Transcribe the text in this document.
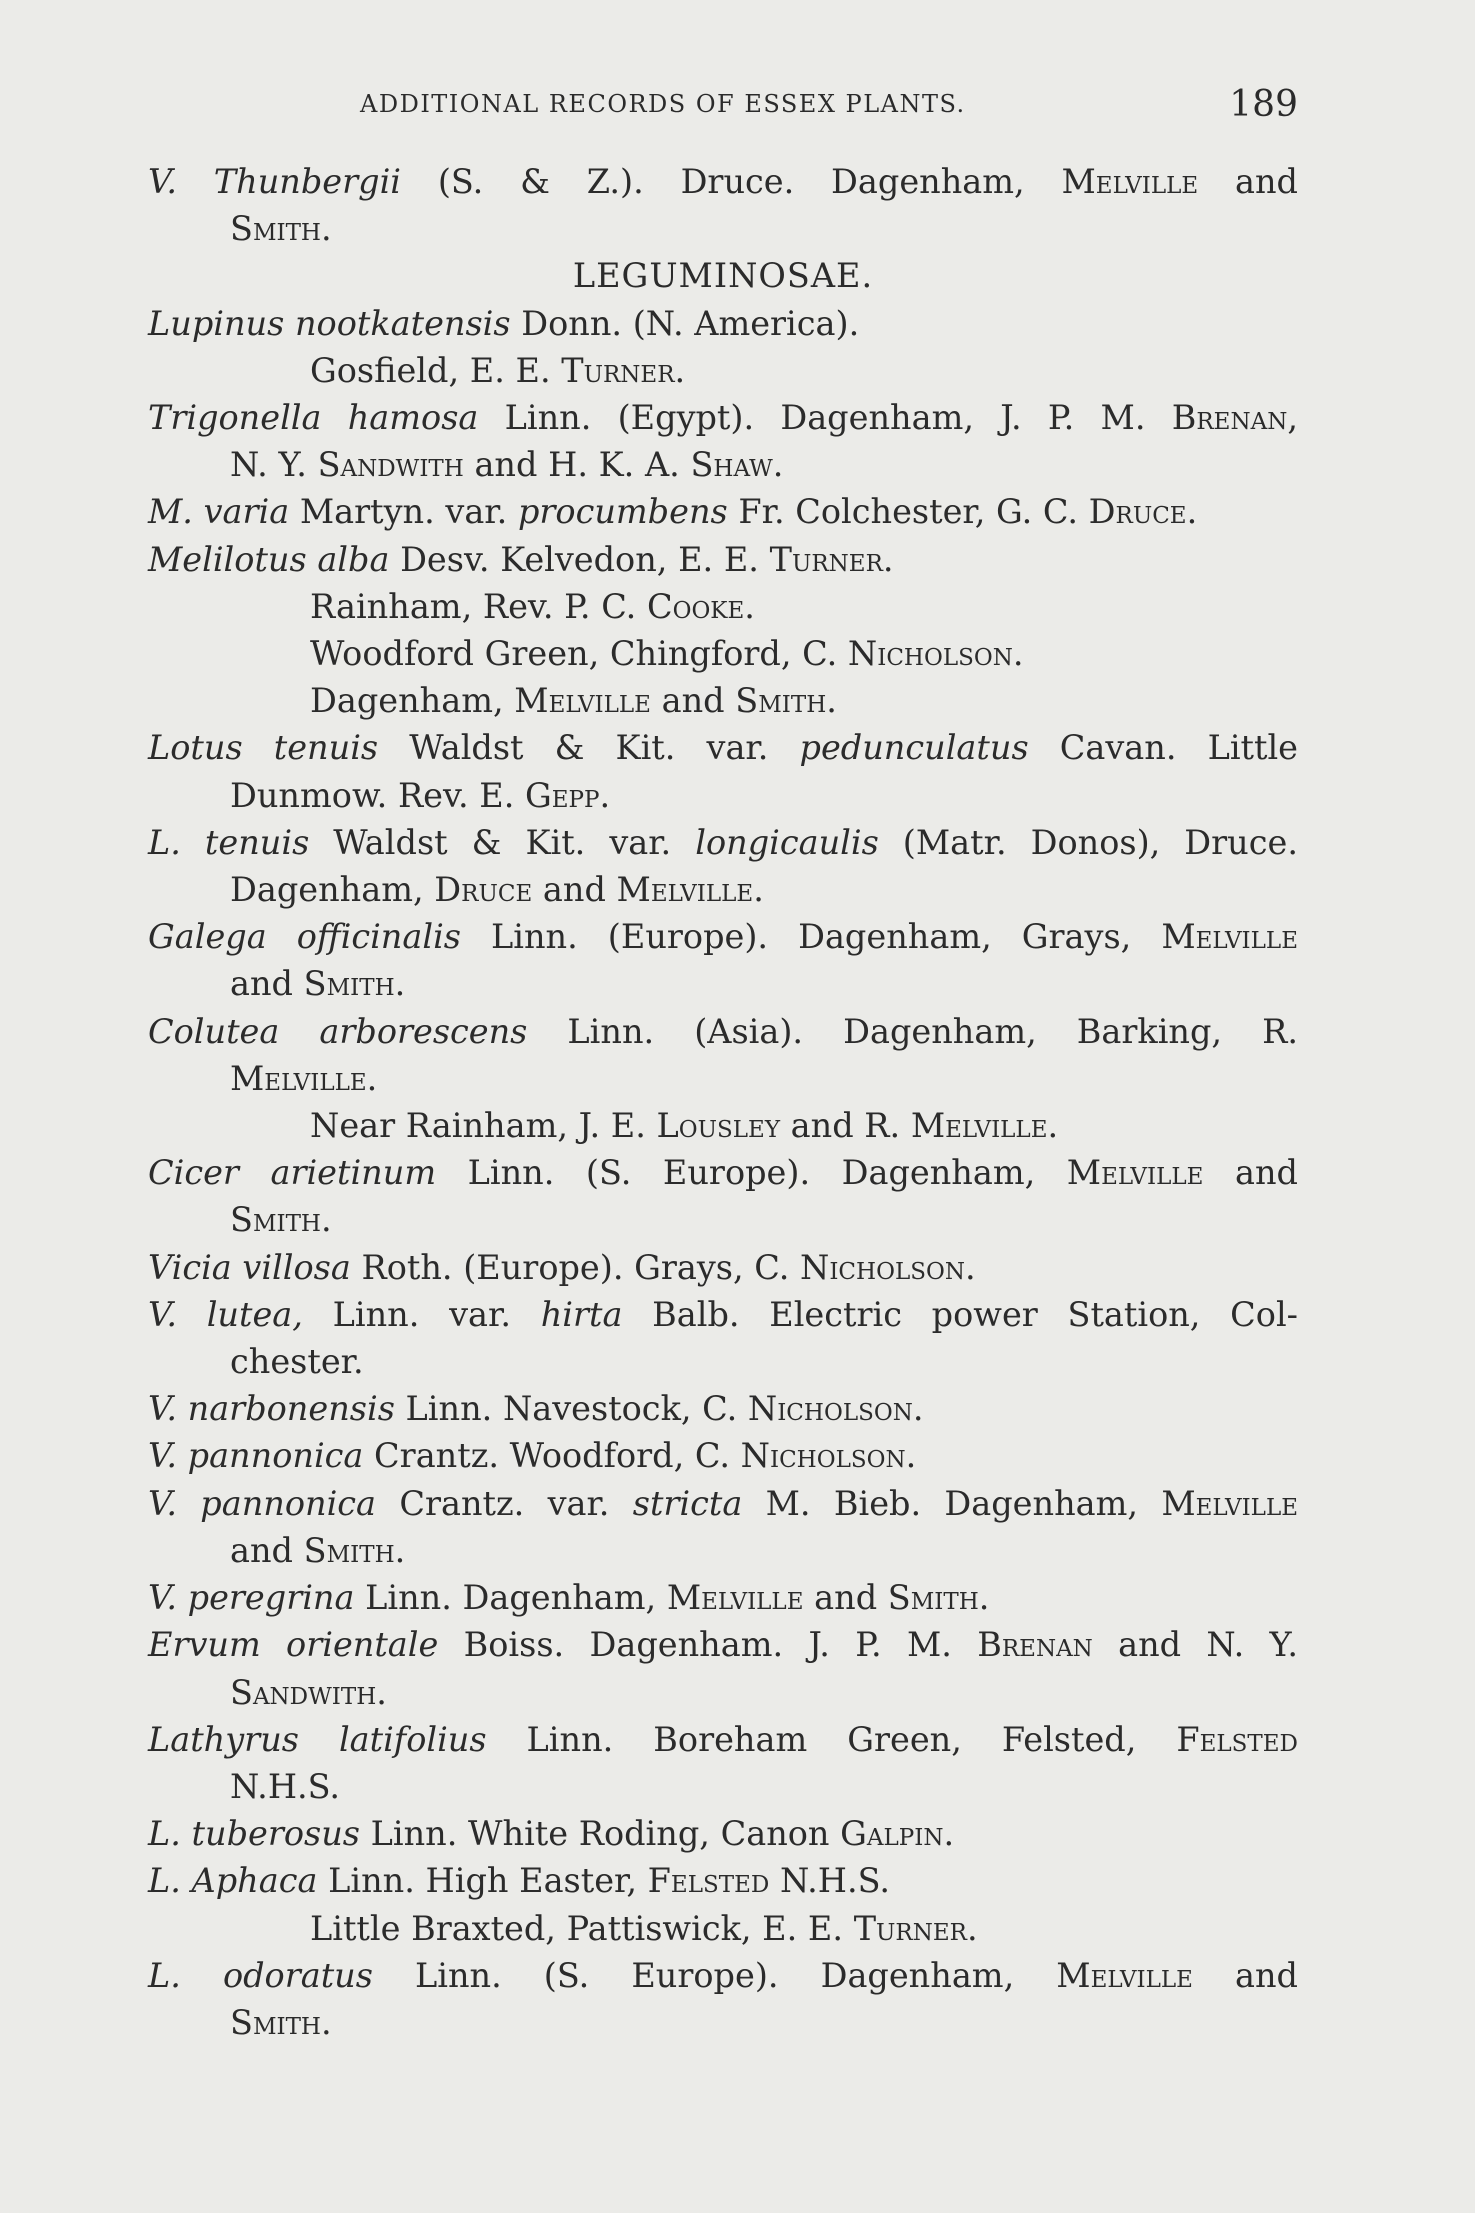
ADDITIONAL RECORDS OF ESSEX PLANTS.	189
V. Thunbergii (S. & Z.). Druce. Dagenham, Melville and
Smith.
LEGUMINOSAE.
Lupinus nootkatensis Donn. (N. America).
Gosfield, E. E. Turner.
Trigonella hamosa Linn. (Egypt). Dagenham, J. P. M. Brenan,
N. Y. Sandwith and H. K. A. Shaw.
M. varia Martyn. var. procumbens Fr. Colchester, G. C. Druce.
Melilotus alba Desv. Kelvedon, E. E. Turner.
Rainham, Rev. P. C. Cooke.
Woodford Green, Chingford, C. Nicholson.
Dagenham, Melville and Smith.
Lotus tenuis Waldst & Kit. var. pedunculatus Cavan. Little
Dunmow. Rev. E. Gepp.
L. tenuis Waldst & Kit. var. longicaulis (Matr. Donos), Druce.
Dagenham, Druce and Melville.
Galega officinalis Linn. (Europe). Dagenham, Grays, Melville
and Smith.
Colutea arborescens Linn. (Asia). Dagenham, Barking, R.
Melville.
Near Rainham, J. E. Lousley and R. Melville.
Cicer arietinum Linn. (S. Europe). Dagenham, Melville and
Smith.
Vicia villosa Roth. (Europe). Grays, C. Nicholson.
V. lutea, Linn. var. hirta Balb. Electric power Station, Col-
chester.
V. narbonensis Linn. Navestock, C. Nicholson.
V. pannonica Crantz. Woodford, C. Nicholson.
V. pannonica Crantz. var. stricta M. Bieb. Dagenham, Melville
and Smith.
V. peregrina Linn. Dagenham, Melville and Smith.
Ervum orientale Boiss. Dagenham. J. P. M. Brenan and N. Y.
Sandwith.
Lathyrus latifolius Linn. Boreham Green, Felsted, Felsted
N.H.S.
L. tuberosus Linn. White Roding, Canon Galpin.
L. Aphaca Linn. High Easter, Felsted N.H.S.
Little Braxted, Pattiswick, E. E. Turner.
L. odoratus Linn. (S. Europe). Dagenham, Melville and
Smith.
